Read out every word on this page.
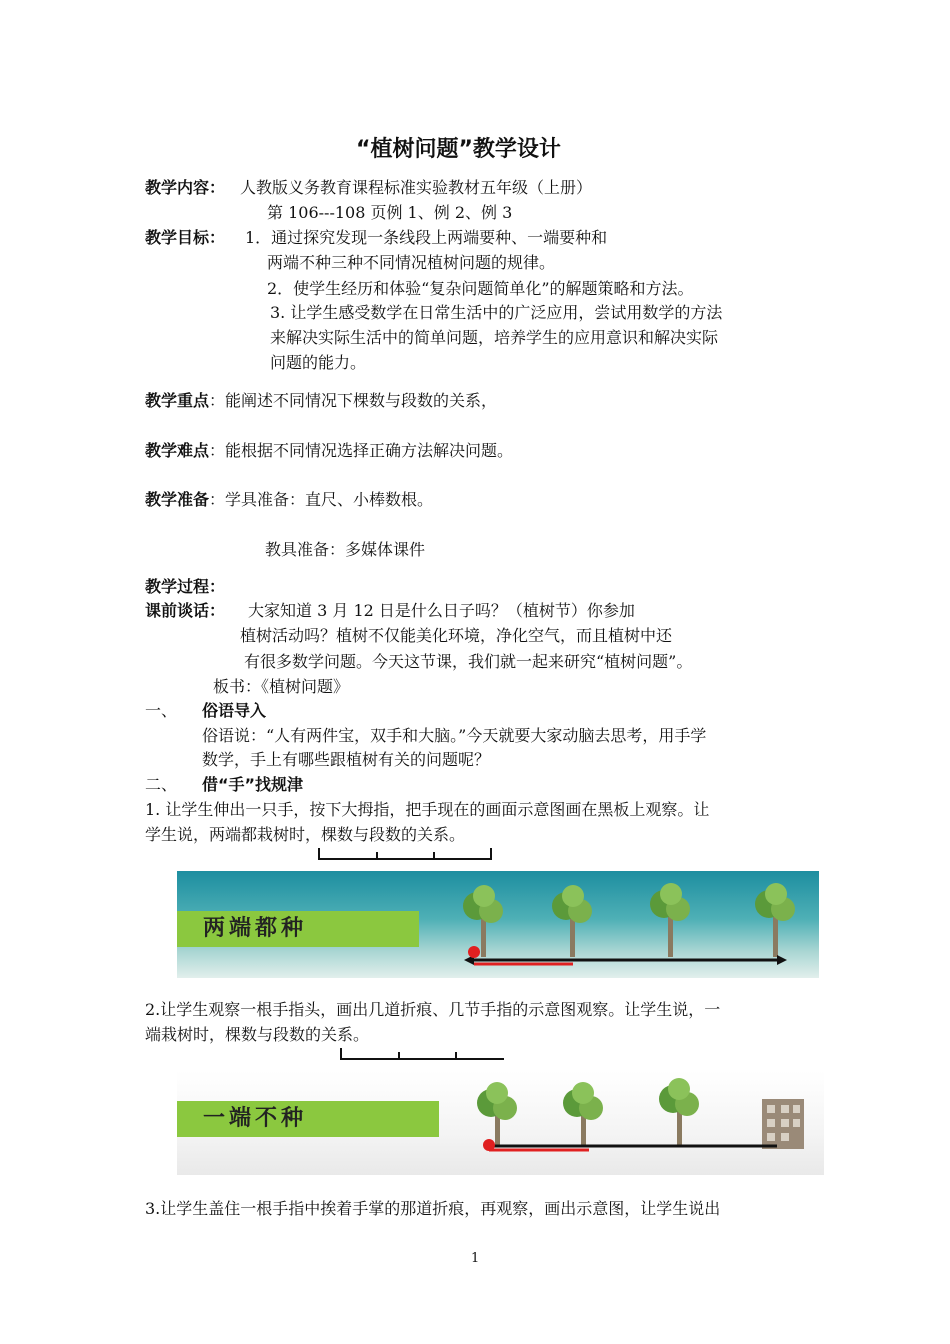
“植树问题”教学设计
教学内容： 人教版义务教育课程标准实验教材五年级（上册）
第 106---108 页例 1、例 2、例 3
教学目标： 1．通过探究发现一条线段上两端要种、一端要种和
两端不种三种不同情况植树问题的规律。
2．使学生经历和体验“复杂问题简单化”的解题策略和方法。
3. 让学生感受数学在日常生活中的广泛应用，尝试用数学的方法
来解决实际生活中的简单问题，培养学生的应用意识和解决实际
问题的能力。
教学重点：能阐述不同情况下棵数与段数的关系，
教学难点：能根据不同情况选择正确方法解决问题。
教学准备：学具准备：直尺、小棒数根。
教具准备：多媒体课件
教学过程：
课前谈话： 大家知道 3 月 12 日是什么日子吗？（植树节）你参加
植树活动吗？植树不仅能美化环境，净化空气，而且植树中还
有很多数学问题。今天这节课，我们就一起来研究“植树问题”。
板书：《植树问题》
一、 俗语导入
俗语说：“人有两件宝，双手和大脑。”今天就要大家动脑去思考，用手学
数学，手上有哪些跟植树有关的问题呢？
二、 借“手”找规津
1. 让学生伸出一只手，按下大拇指，把手现在的画面示意图画在黑板上观察。让
学生说，两端都栽树时，棵数与段数的关系。
两端都种
2.让学生观察一根手指头，画出几道折痕、几节手指的示意图观察。让学生说，一
端栽树时，棵数与段数的关系。
一端不种
3.让学生盖住一根手指中挨着手掌的那道折痕，再观察，画出示意图，让学生说出
1
